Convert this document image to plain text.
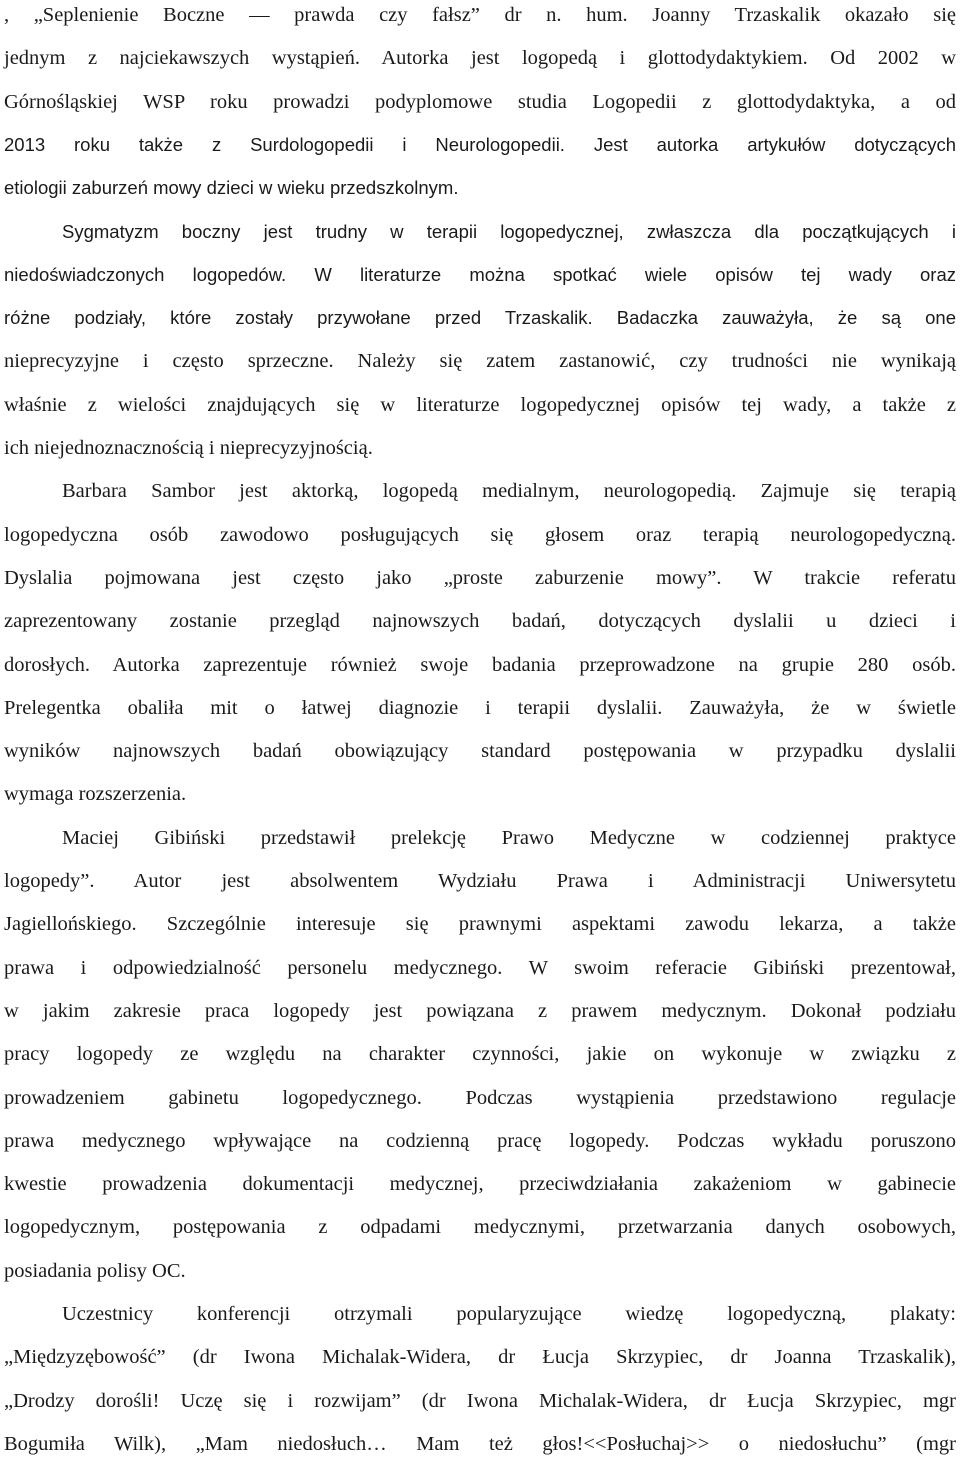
, „Seplenienie Boczne ― prawda czy fałsz” dr n. hum. Joanny Trzaskalik okazało się
jednym z najciekawszych wystąpień. Autorka jest logopedą i glottodydaktykiem. Od 2002 w
Górnośląskiej WSP roku prowadzi podyplomowe studia Logopedii z glottodydaktyka, a od
2013 roku także z Surdologopedii i Neurologopedii. Jest autorka artykułów dotyczących
etiologii zaburzeń mowy dzieci w wieku przedszkolnym.
Sygmatyzm boczny jest trudny w terapii logopedycznej, zwłaszcza dla początkujących i
niedoświadczonych logopedów. W literaturze można spotkać wiele opisów tej wady oraz
różne podziały, które zostały przywołane przed Trzaskalik. Badaczka zauważyła, że są one
nieprecyzyjne i często sprzeczne. Należy się zatem zastanowić, czy trudności nie wynikają
właśnie z wielości znajdujących się w literaturze logopedycznej opisów tej wady, a także z
ich niejednoznacznością i nieprecyzyjnością.
Barbara Sambor jest aktorką, logopedą medialnym, neurologopedią. Zajmuje się terapią
logopedyczna osób zawodowo posługujących się głosem oraz terapią neurologopedyczną.
Dyslalia pojmowana jest często jako „proste zaburzenie mowy”. W trakcie referatu
zaprezentowany zostanie przegląd najnowszych badań, dotyczących dyslalii u dzieci i
dorosłych. Autorka zaprezentuje również swoje badania przeprowadzone na grupie 280 osób.
Prelegentka obaliła mit o łatwej diagnozie i terapii dyslalii. Zauważyła, że w świetle
wyników najnowszych badań obowiązujący standard postępowania w przypadku dyslalii
wymaga rozszerzenia.
Maciej Gibiński przedstawił prelekcję Prawo Medyczne w codziennej praktyce
logopedy”. Autor jest absolwentem Wydziału Prawa i Administracji Uniwersytetu
Jagiellońskiego. Szczególnie interesuje się prawnymi aspektami zawodu lekarza, a także
prawa i odpowiedzialność personelu medycznego. W swoim referacie Gibiński prezentował,
w jakim zakresie praca logopedy jest powiązana z prawem medycznym. Dokonał podziału
pracy logopedy ze względu na charakter czynności, jakie on wykonuje w związku z
prowadzeniem gabinetu logopedycznego. Podczas wystąpienia przedstawiono regulacje
prawa medycznego wpływające na codzienną pracę logopedy. Podczas wykładu poruszono
kwestie prowadzenia dokumentacji medycznej, przeciwdziałania zakażeniom w gabinecie
logopedycznym, postępowania z odpadami medycznymi, przetwarzania danych osobowych,
posiadania polisy OC.
Uczestnicy konferencji otrzymali popularyzujące wiedzę logopedyczną, plakaty:
„Międzyzębowość” (dr Iwona Michalak-Widera, dr Łucja Skrzypiec, dr Joanna Trzaskalik),
„Drodzy dorośli! Uczę się i rozwijam” (dr Iwona Michalak-Widera, dr Łucja Skrzypiec, mgr
Bogumiła Wilk), „Mam niedosłuch… Mam też głos!<<Posłuchaj>> o niedosłuchu” (mgr
